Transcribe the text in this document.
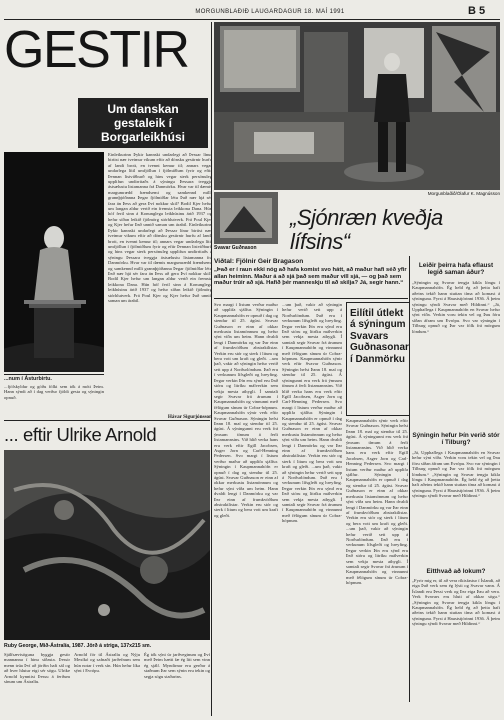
MORGUNBLAÐIÐ LAUGARDAGUR 18. MAÍ 1991	B 5
GESTIR
Um danskan gestaleik í Borgarleikhúsi
Einleikurinn Þykir kannski undarlegt að Þessar línur birtist nær tveimur vikum eftir að dönsku gestirnir hurfu af landi brott, en tvennt kemur til; annars vegar undarlega lítil umfjöllun í fjölmiðlum fyrir og eftir Þennan listviðburð og hins vegar sterk persónuleg upplifun undirritaðs á sýningu Þessara tveggja ástsælustu listamanna frá Danmörku. Hvar var til dæmis margumrædd frændsemi og samkennd milli grannþjóðanna Þegar fjölmiðlar létu Það nær hjá sér fara án Þess að gera Því nokkur skil? Bodil Kjer hefur um langan aldur verið ein fremsta leikkona Dana. Hún hóf feril sinn á Konunglega leikhúsinu árið 1937 og hefur síðan leikið fjölmörg stórhlutverk. Frá Poul Kjer og Kjer hefur Það unnið saman um árabil. Einleikurinn Þykir kannski undarlegt að Þessar línur birtist nær tveimur vikum eftir að dönsku gestirnir hurfu af landi brott, en tvennt kemur til; annars vegar undarlega lítil umfjöllun í fjölmiðlum fyrir og eftir Þennan listviðburð og hins vegar sterk persónuleg upplifun undirritaðs á sýningu Þessara tveggja ástsælustu listamanna frá Danmörku. Hvar var til dæmis margumrædd frændsemi og samkennd milli grannþjóðanna Þegar fjölmiðlar létu Það nær hjá sér fara án Þess að gera Því nokkur skil? Bodil Kjer hefur um langan aldur verið ein fremsta leikkona Dana. Hún hóf feril sinn á Konunglega leikhúsinu árið 1937 og hefur síðan leikið fjölmörg stórhlutverk. Frá Poul Kjer og Kjer hefur Það unnið saman um árabil.
Hávar Sigurjónsson
...num í Ásturbirtu.
...fjölskyldur og góðu fólki sem tók á móti Þeim. Hann sýndi að í dag verður fjöldi gesta og sýningin opnuð.
Morgunblaðið/Ólafur K. Magnússon
Svavar Guðnason
„Sjónræn kveðja lífsins“
Viðtal: Fjölnir Geir Bragason
„Það er í raun ekki nóg að hafa komist svo hátt, að maður hafi séð yfir allan heiminn. Maður á að sjá það sem maður vill sjá, — og það sem maður trúir að sjá. Hafið þér manneskju til að skilja? Já, segir hann.“
Svo margt í listum verður maður að upplifa sjálfur. Sýningin í Kaupmannahöfn er opnuð í dag og stendur til 25. ágúst. Svavar Guðnason er einn af okkar merkustu listamönnum og hefur sýnt víða um heim. Hann dvaldi lengi í Danmörku og var Þar einn af frumkvöðlum abstraktlistar. Verkin eru stór og sterk í litum og bera vott um kraft og gleði. ...um það, vakir að sýningin hefur verið sett upp á Norðurlöndum. Það eru í verkunum lífsgleði og hreyfing. Þegar verkin Þín eru sýnd eru Það stóru og litríku málverkin sem vekja mesta athygli. Í samtali segir Svavar frá árunum í Kaupmannahöfn og vinnunni með félögum sínum úr Cobra-hópnum. Kaupmannahöfn sýnir verk eftir Svavar Guðnason. Sýningin hefst Þann 18. maí og stendur til 25. ágúst. Á sýningunni eru verk frá ýmsum tímum á ferli listamannsins. Við hlið verka hans eru verk eftir Egill Jacobsen, Asger Jorn og Carl-Henning Pedersen. Svo margt í listum verður maður að upplifa sjálfur. Sýningin í Kaupmannahöfn er opnuð í dag og stendur til 25. ágúst. Svavar Guðnason er einn af okkar merkustu listamönnum og hefur sýnt víða um heim. Hann dvaldi lengi í Danmörku og var Þar einn af frumkvöðlum abstraktlistar. Verkin eru stór og sterk í litum og bera vott um kraft og gleði.
...um það, vakir að sýningin hefur verið sett upp á Norðurlöndum. Það eru í verkunum lífsgleði og hreyfing. Þegar verkin Þín eru sýnd eru Það stóru og litríku málverkin sem vekja mesta athygli. Í samtali segir Svavar frá árunum í Kaupmannahöfn og vinnunni með félögum sínum úr Cobra-hópnum. Kaupmannahöfn sýnir verk eftir Svavar Guðnason. Sýningin hefst Þann 18. maí og stendur til 25. ágúst. Á sýningunni eru verk frá ýmsum tímum á ferli listamannsins. Við hlið verka hans eru verk eftir Egill Jacobsen, Asger Jorn og Carl-Henning Pedersen. Svo margt í listum verður maður að upplifa sjálfur. Sýningin í Kaupmannahöfn er opnuð í dag og stendur til 25. ágúst. Svavar Guðnason er einn af okkar merkustu listamönnum og hefur sýnt víða um heim. Hann dvaldi lengi í Danmörku og var Þar einn af frumkvöðlum abstraktlistar. Verkin eru stór og sterk í litum og bera vott um kraft og gleði. ...um það, vakir að sýningin hefur verið sett upp á Norðurlöndum. Það eru í verkunum lífsgleði og hreyfing. Þegar verkin Þín eru sýnd eru Það stóru og litríku málverkin sem vekja mesta athygli. Í samtali segir Svavar frá árunum í Kaupmannahöfn og vinnunni með félögum sínum úr Cobra-hópnum.
Eilítil útlekt á sýningum Svavars Guðnasonar í Danmörku
Kaupmannahöfn sýnir verk eftir Svavar Guðnason. Sýningin hefst Þann 18. maí og stendur til 25. ágúst. Á sýningunni eru verk frá ýmsum tímum á ferli listamannsins. Við hlið verka hans eru verk eftir Egill Jacobsen, Asger Jorn og Carl-Henning Pedersen. Svo margt í listum verður maður að upplifa sjálfur. Sýningin í Kaupmannahöfn er opnuð í dag og stendur til 25. ágúst. Svavar Guðnason er einn af okkar merkustu listamönnum og hefur sýnt víða um heim. Hann dvaldi lengi í Danmörku og var Þar einn af frumkvöðlum abstraktlistar. Verkin eru stór og sterk í litum og bera vott um kraft og gleði. ...um það, vakir að sýningin hefur verið sett upp á Norðurlöndum. Það eru í verkunum lífsgleði og hreyfing. Þegar verkin Þín eru sýnd eru Það stóru og litríku málverkin sem vekja mesta athygli. Í samtali segir Svavar frá árunum í Kaupmannahöfn og vinnunni með félögum sínum úr Cobra-hópnum.
Leiðir þeirra hafa eflaust legið saman áður?
„Sýningin og Svavar tengja kikla löngu í Kaupmannahöfn. Ég held ég að þetta hafi aðeins tekið hann stuttan tíma að komast á sýninguna. Fyrst á Hauststjórinni 1936. Á þeim sýningu sýndi Svavar með Hildinni.“ „Já, Upphaflega í Kaupmannahöfn en Svavar hefur sýnt víða. Verkin voru tekin vel og Þau fóru síðan áfram um Evrópu. Svo var sýningin í Tilburg opnuð og Þar var fólk frá mörgum löndum.“
Sýningin hefur Þín verið stór í Tilburg?
„Já, Upphaflega í Kaupmannahöfn en Svavar hefur sýnt víða. Verkin voru tekin vel og Þau fóru síðan áfram um Evrópu. Svo var sýningin í Tilburg opnuð og Þar var fólk frá mörgum löndum.“ „Sýningin og Svavar tengja kikla löngu í Kaupmannahöfn. Ég held ég að þetta hafi aðeins tekið hann stuttan tíma að komast á sýninguna. Fyrst á Hauststjórinni 1936. Á þeim sýningu sýndi Svavar með Hildinni.“
Eitthvað að lokum?
„Fyrir mig er, til að vera ríkisfastur í Íslandi, að eiga Það verk sem ég lýsti og Svavar vann. Á Íslandi eru Þessi verk og Þar eiga Þau að vera. Verk Svavars eru hluti af okkar sögu.“ „Sýningin og Svavar tengja kikla löngu í Kaupmannahöfn. Ég held ég að þetta hafi aðeins tekið hann stuttan tíma að komast á sýninguna. Fyrst á Hauststjórinni 1936. Á þeim sýningu sýndi Svavar með Hildinni.“
... eftir Ulrike Arnold
Ruby George, Mið-Ástralía, 1987. Jörð á striga, 137x215 sm.
Sjálfsævisöguna byggja gestir mannanna í hinu síðasta. Þessir menn trúa Því að jörðin hafi sál og að hver hlutur eigi sér sögu. Ulrike Arnold kynntist Þessu á ferðum sínum um Ástralíu.
Arnold fór til Ástralíu og Nýju Mexíkó og safnaði jarðefnum sem hún notar í verk sín. Hún hefur líka sýnt í Evrópu.
Ég tók sýni úr jarðveginum og Því með Þeim hætti fæ ég liti sem vinn ég sjálf. Myndirnar eru gerðar á staðnum Þar sem sýnin eru tekin og segja sögu staðarins.
